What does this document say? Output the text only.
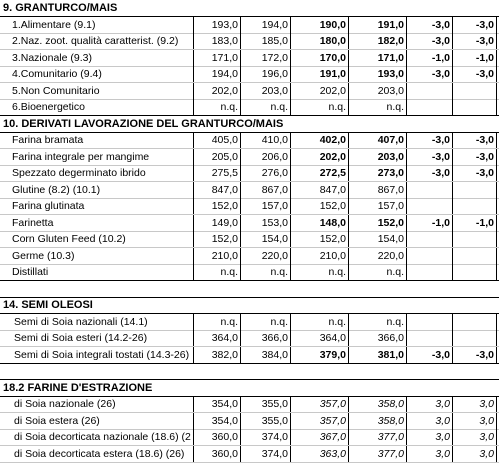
9. GRANTURCO/MAIS
1.Alimentare (9.1)	193,0	194,0	190,0	191,0	-3,0	-3,0
2.Naz. zoot. qualità caratterist. (9.2)	183,0	185,0	180,0	182,0	-3,0	-3,0
3.Nazionale (9.3)	171,0	172,0	170,0	171,0	-1,0	-1,0
4.Comunitario (9.4)	194,0	196,0	191,0	193,0	-3,0	-3,0
5.Non Comunitario	202,0	203,0	202,0	203,0
6.Bioenergetico	n.q.	n.q.	n.q.	n.q.
10. DERIVATI LAVORAZIONE DEL GRANTURCO/MAIS
Farina bramata	405,0	410,0	402,0	407,0	-3,0	-3,0
Farina integrale per mangime	205,0	206,0	202,0	203,0	-3,0	-3,0
Spezzato degerminato ibrido	275,5	276,0	272,5	273,0	-3,0	-3,0
Glutine (8.2) (10.1)	847,0	867,0	847,0	867,0
Farina glutinata	152,0	157,0	152,0	157,0
Farinetta	149,0	153,0	148,0	152,0	-1,0	-1,0
Corn Gluten Feed (10.2)	152,0	154,0	152,0	154,0
Germe (10.3)	210,0	220,0	210,0	220,0
Distillati	n.q.	n.q.	n.q.	n.q.
14. SEMI OLEOSI
Semi di Soia nazionali (14.1)	n.q.	n.q.	n.q.	n.q.
Semi di Soia esteri (14.2-26)	364,0	366,0	364,0	366,0
Semi di Soia integrali tostati (14.3-26)	382,0	384,0	379,0	381,0	-3,0	-3,0
18.2 FARINE D'ESTRAZIONE
di Soia nazionale (26)	354,0	355,0	357,0	358,0	3,0	3,0
di Soia estera (26)	354,0	355,0	357,0	358,0	3,0	3,0
di Soia decorticata nazionale (18.6) (2	360,0	374,0	367,0	377,0	3,0	3,0
di Soia decorticata estera (18.6) (26)	360,0	374,0	363,0	377,0	3,0	3,0
